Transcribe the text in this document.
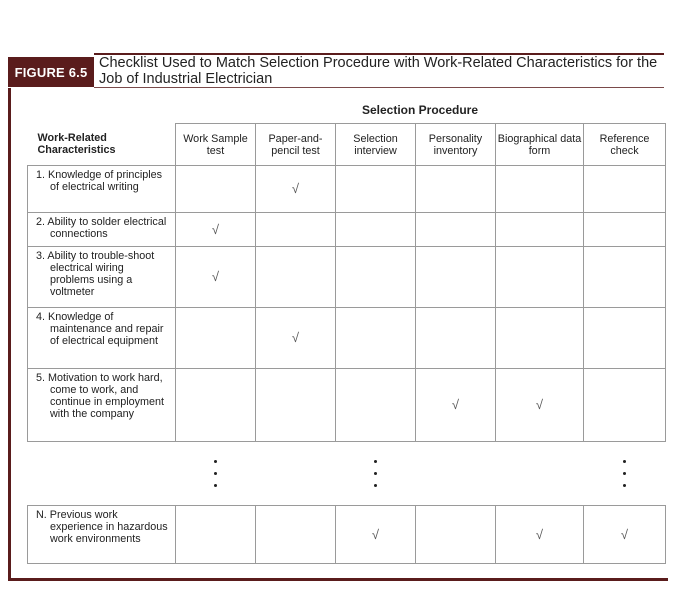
FIGURE 6.5
Checklist Used to Match Selection Procedure with Work-Related Characteristics for the Job of Industrial Electrician
Selection Procedure
Work-Related Characteristics	Work Sample test	Paper-and-pencil test	Selection interview	Personality inventory	Biographical data form	Reference check

1. Knowledge of principles of electrical writing		√				

2. Ability to solder electrical connections	√					

3. Ability to trouble-shoot electrical wiring problems using a voltmeter	√					

4. Knowledge of maintenance and repair of electrical equipment		√				

5. Motivation to work hard, come to work, and continue in employment with the company				√	√	

N. Previous work experience in hazardous work environments			√		√	√
